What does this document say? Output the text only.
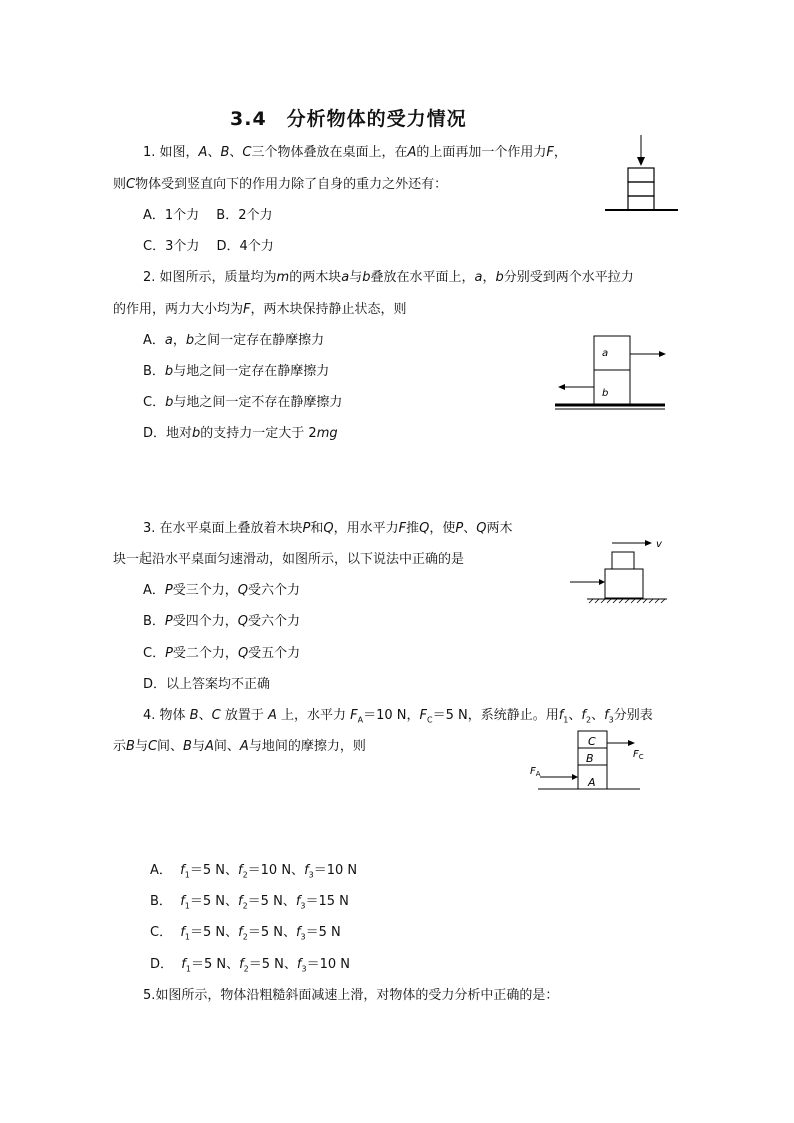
3.4　分析物体的受力情况
1. 如图，A、B、C三个物体叠放在桌面上，在A的上面再加一个作用力F，
则C物体受到竖直向下的作用力除了自身的重力之外还有：
A．1个力　 B．2个力
C．3个力　 D．4个力
2. 如图所示，质量均为m的两木块a与b叠放在水平面上，a，b分别受到两个水平拉力
的作用，两力大小均为F，两木块保持静止状态，则
A．a，b之间一定存在静摩擦力
B．b与地之间一定存在静摩擦力
C．b与地之间一定不存在静摩擦力
D．地对b的支持力一定大于 2mg
a
b
3. 在水平桌面上叠放着木块P和Q，用水平力F推Q，使P、Q两木
块一起沿水平桌面匀速滑动，如图所示，以下说法中正确的是
A．P受三个力，Q受六个力
B．P受四个力，Q受六个力
C．P受二个力，Q受五个力
D．以上答案均不正确
v
4. 物体 B、C 放置于 A 上，水平力 $F_A=10$ N，$F_C=5$ N，系统静止。用$f_1$、$f_2$、$f_3$分别表
示B与C间、B与A间、A与地间的摩擦力，则	C
B
A
$F_C$
$F_A$
A． $f_1=5$ N、$f_2=10$ N、$f_3=10$ N
B． $f_1=5$ N、$f_2=5$ N、$f_3=15$ N
C． $f_1=5$ N、$f_2=5$ N、$f_3=5$ N
D． $f_1=5$ N、$f_2=5$ N、$f_3=10$ N
5.如图所示，物体沿粗糙斜面减速上滑，对物体的受力分析中正确的是：
